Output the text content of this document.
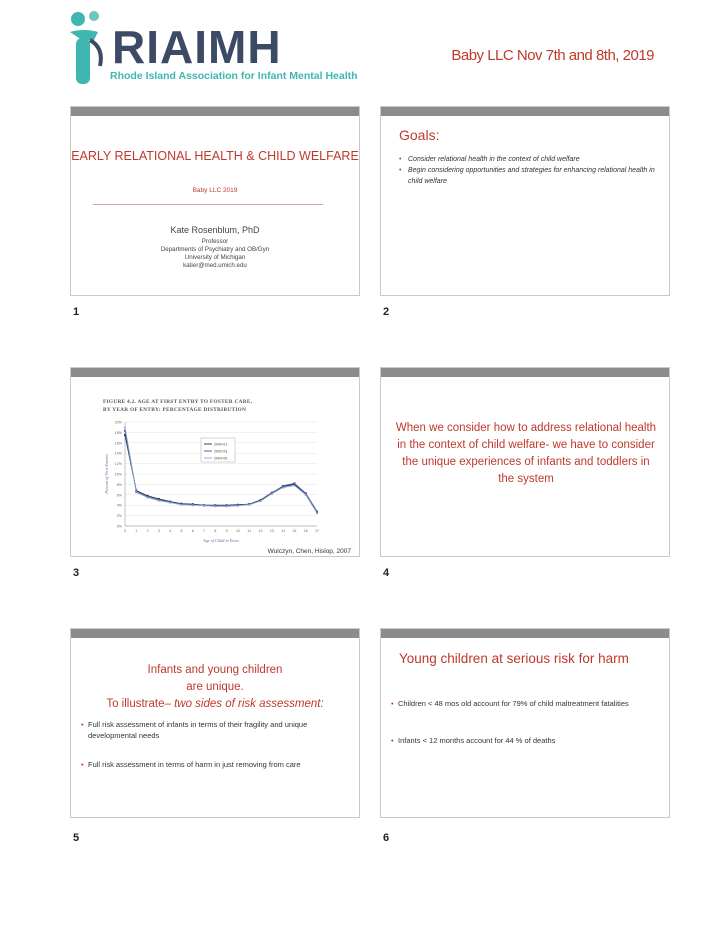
RIAIMH
Rhode Island Association for Infant Mental Health
Baby LLC Nov 7th and 8th, 2019
EARLY RELATIONAL HEALTH & CHILD WELFARE
Baby LLC 2019
Kate Rosenblum, PhD
Professor
Departments of Psychiatry and OB/Gyn
University of Michigan
katier@med.umich.edu
1
Goals:
• Consider relational health in the context of child welfare
• Begin considering opportunities and strategies for enhancing relational health in child welfare
2
FIGURE 4.2. AGE AT FIRST ENTRY TO FOSTER CARE,
BY YEAR OF ENTRY: PERCENTAGE DISTRIBUTION
0%
2%
4%
6%
8%
10%
12%
14%
16%
18%
20%
0	1	2	3	4	5	6	7	8	9 10 11 12 13 14 15 16 17
Age of Child in Years
Percent of First Entries
2000-01
2002-03
2004-05
Wulczyn, Chen, Hislop, 2007
3
When we consider how to address relational health in the context of child welfare- we have to consider the unique experiences of infants and toddlers in the system
4
Infants and young children
are unique.
To illustrate– two sides of risk assessment:
• Full risk assessment of infants in terms of their fragility and unique developmental needs
• Full risk assessment in terms of harm in just removing from care
5
Young children at serious risk for harm
• Children < 48 mos old account for 79% of child maltreatment fatalities
• Infants < 12 months account for 44 % of deaths
6
